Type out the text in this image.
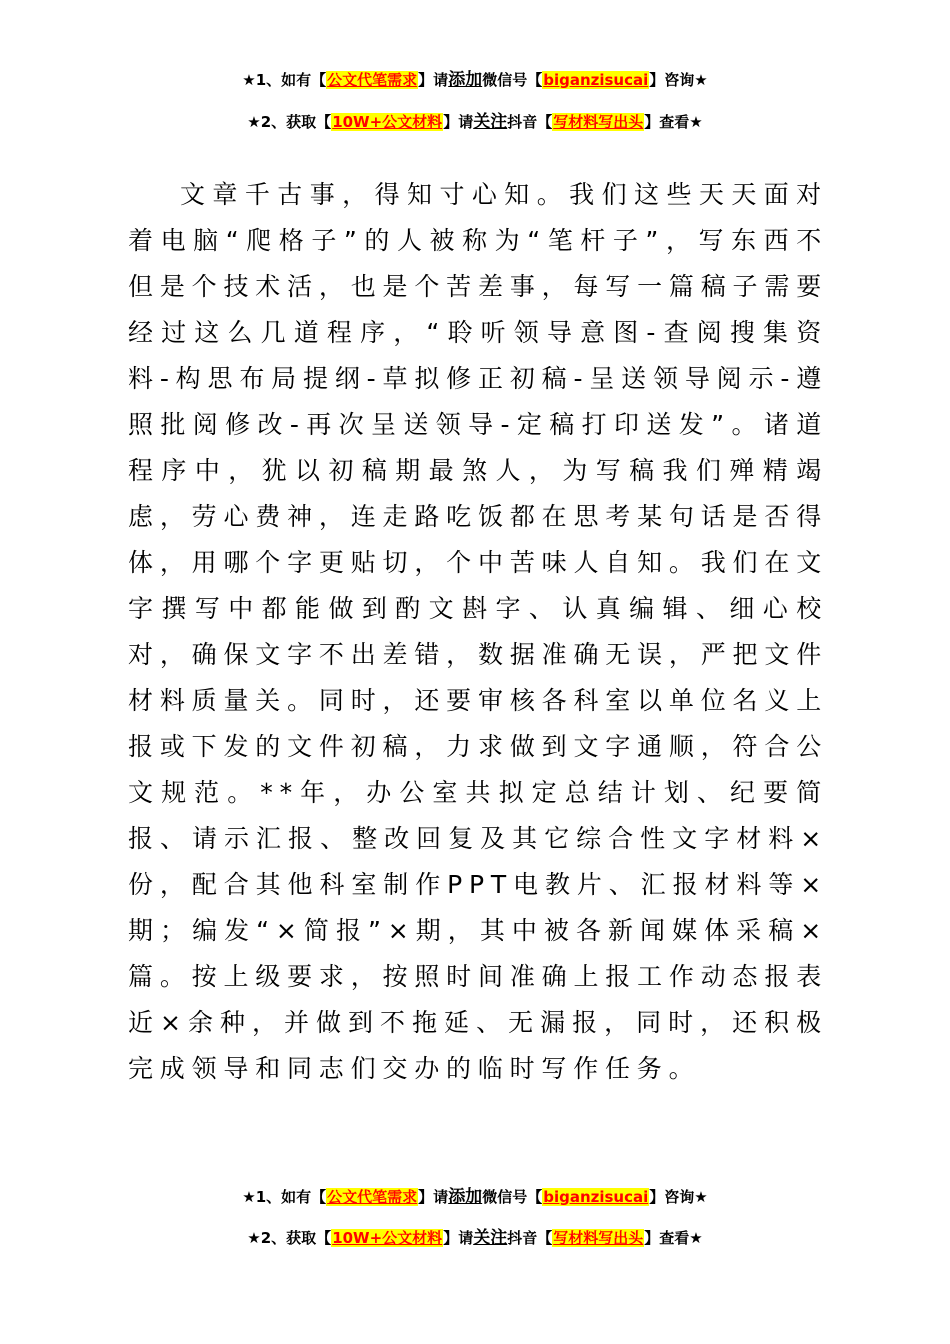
★1、如有【公文代笔需求】请添加微信号【biganzisucai】咨询★
★2、获取【10W+公文材料】请关注抖音【写材料写出头】查看★

文章千古事，得知寸心知。我们这些天天面对着电脑“爬格子”的人被称为“笔杆子”，写东西不但是个技术活，也是个苦差事，每写一篇稿子需要经过这么几道程序，“聆听领导意图-查阅搜集资料-构思布局提纲-草拟修正初稿-呈送领导阅示-遵照批阅修改-再次呈送领导-定稿打印送发”。诸道程序中，犹以初稿期最煞人，为写稿我们殚精竭虑，劳心费神，连走路吃饭都在思考某句话是否得体，用哪个字更贴切，个中苦味人自知。我们在文字撰写中都能做到酌文斟字、认真编辑、细心校对，确保文字不出差错，数据准确无误，严把文件材料质量关。同时，还要审核各科室以单位名义上报或下发的文件初稿，力求做到文字通顺，符合公文规范。**年，办公室共拟定总结计划、纪要简报、请示汇报、整改回复及其它综合性文字材料×份，配合其他科室制作PPT电教片、汇报材料等×期；编发“×简报”×期，其中被各新闻媒体采稿×篇。按上级要求，按照时间准确上报工作动态报表近×余种，并做到不拖延、无漏报，同时，还积极完成领导和同志们交办的临时写作任务。

★1、如有【公文代笔需求】请添加微信号【biganzisucai】咨询★
★2、获取【10W+公文材料】请关注抖音【写材料写出头】查看★
